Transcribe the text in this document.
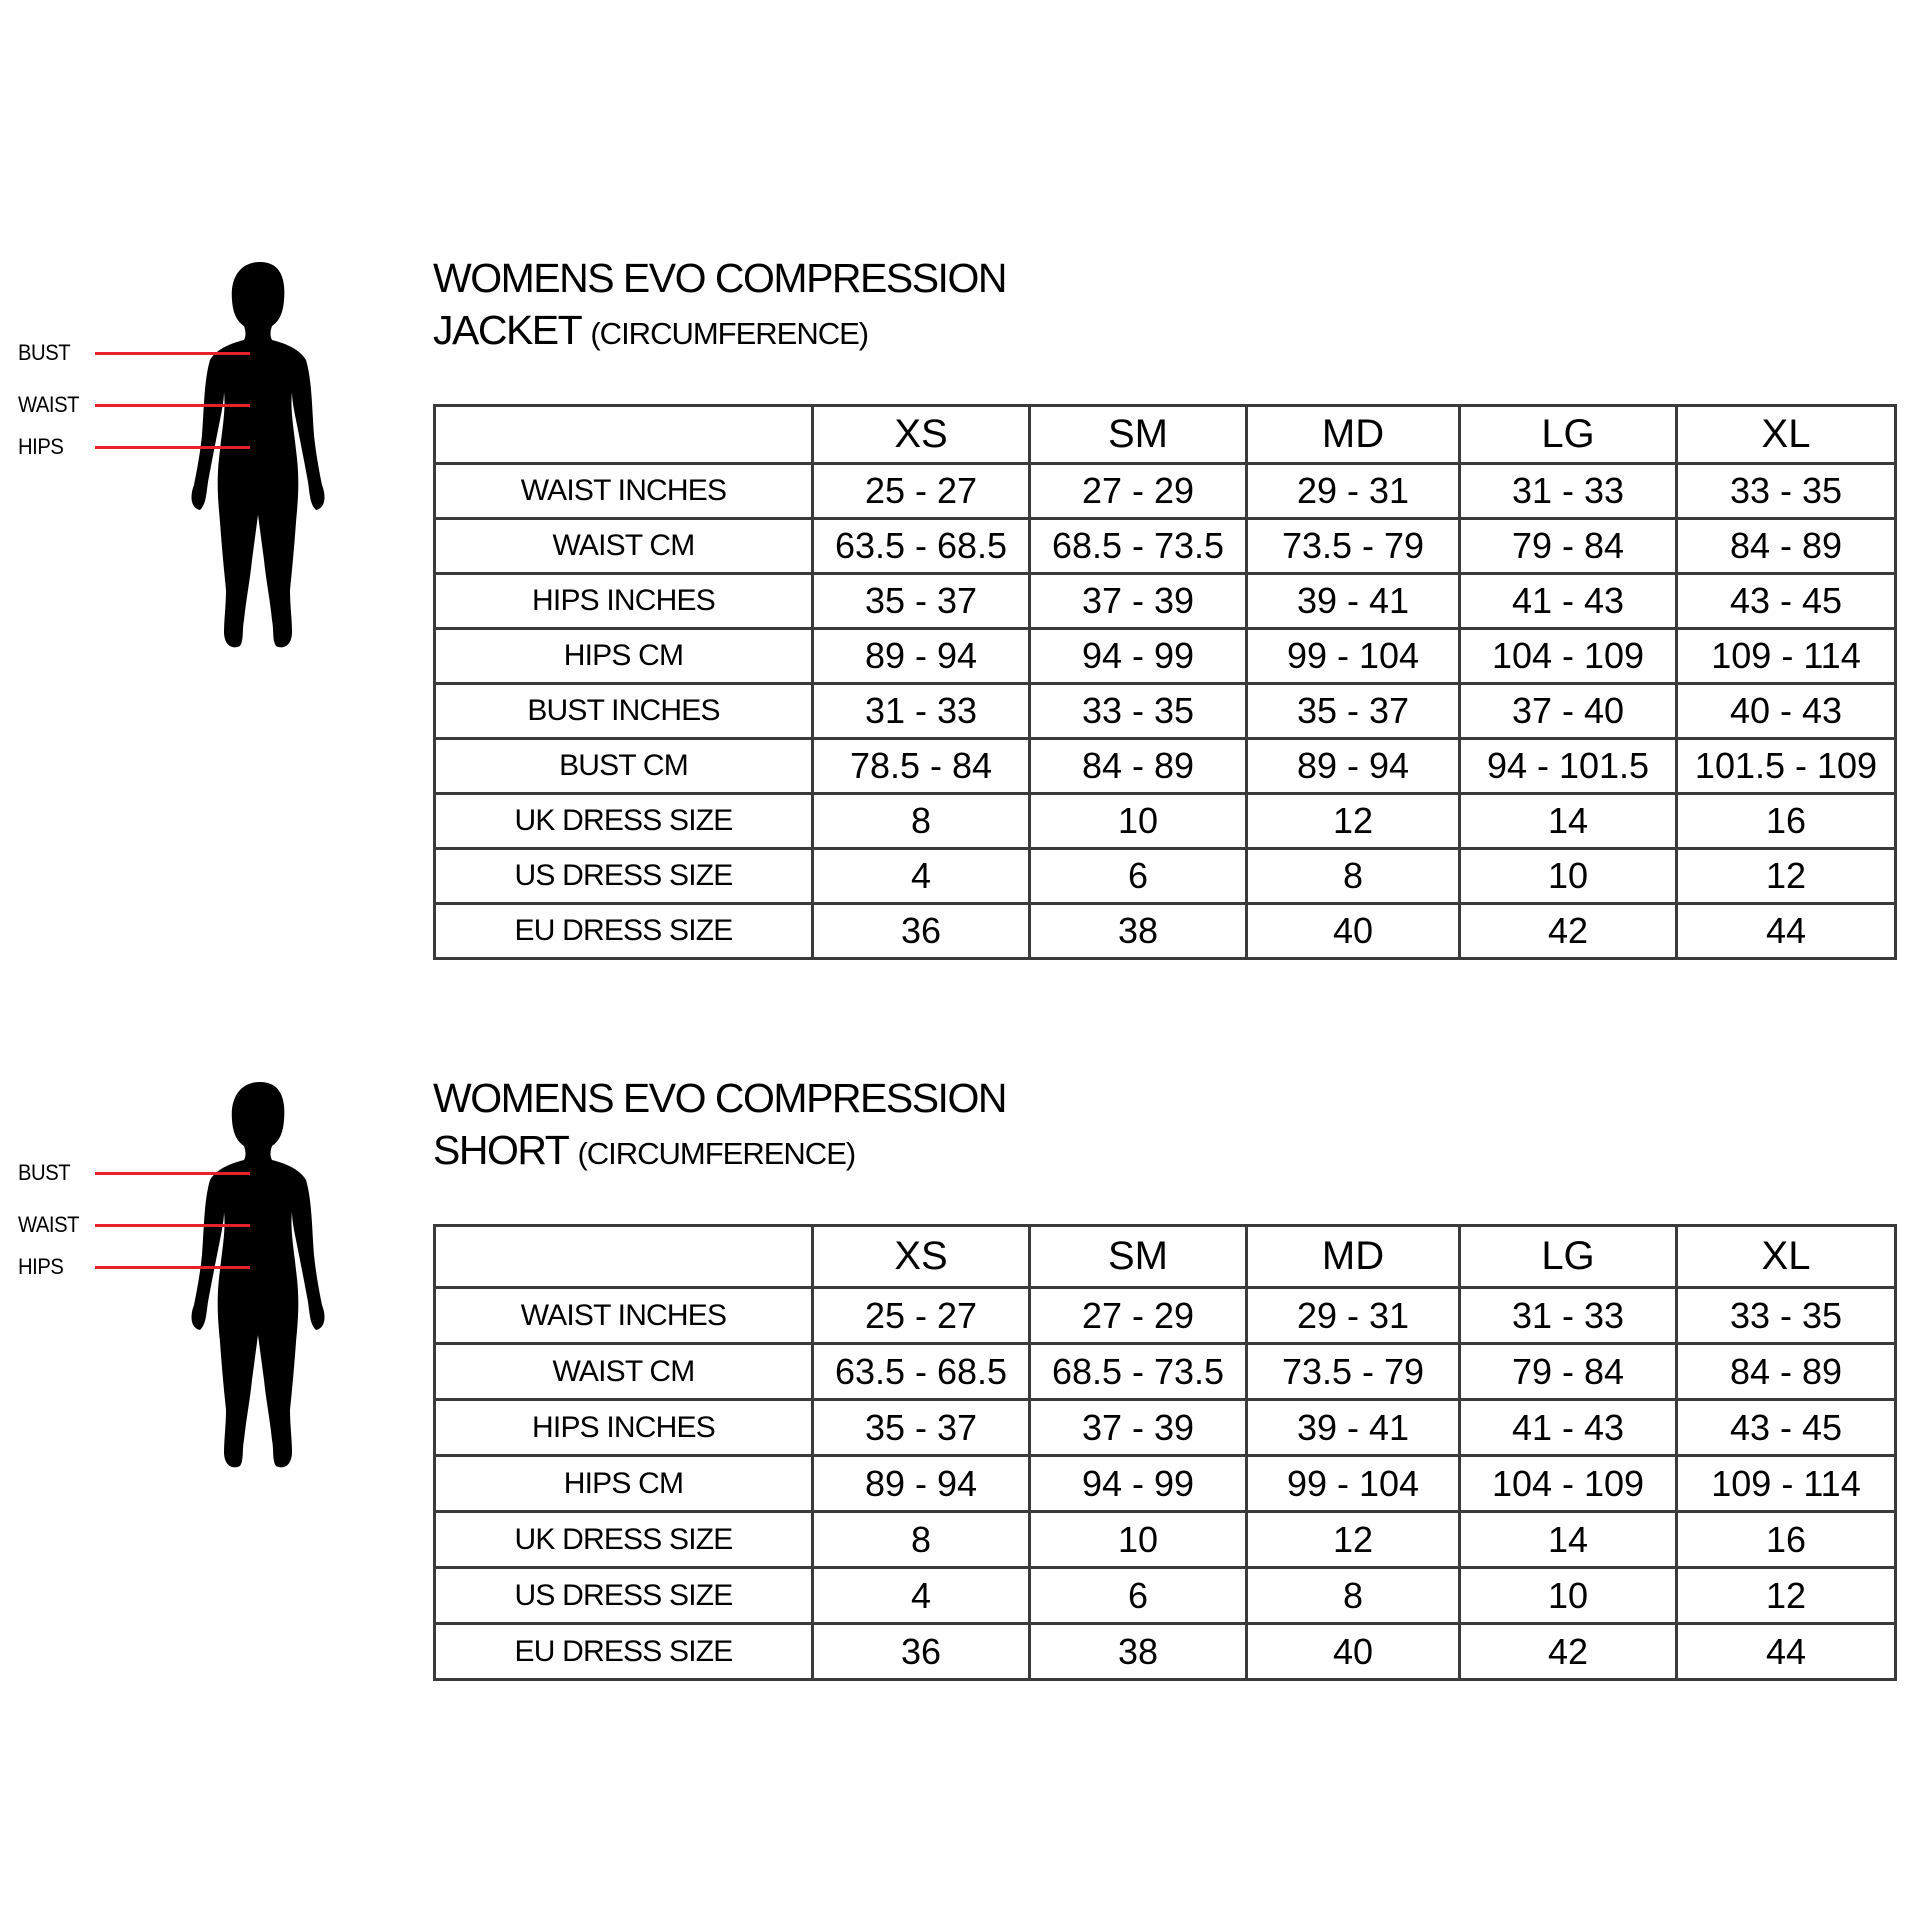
BUST
WAIST
HIPS
WOMENS EVO COMPRESSION
JACKET (CIRCUMFERENCE)
	XS	SM	MD	LG	XL
WAIST INCHES	25 - 27	27 - 29	29 - 31	31 - 33	33 - 35
WAIST CM	63.5 - 68.5	68.5 - 73.5	73.5 - 79	79 - 84	84 - 89
HIPS INCHES	35 - 37	37 - 39	39 - 41	41 - 43	43 - 45
HIPS CM	89 - 94	94 - 99	99 - 104	104 - 109	109 - 114
BUST INCHES	31 - 33	33 - 35	35 - 37	37 - 40	40 - 43
BUST CM	78.5 - 84	84 - 89	89 - 94	94 - 101.5	101.5 - 109
UK DRESS SIZE	8	10	12	14	16
US DRESS SIZE	4	6	8	10	12
EU DRESS SIZE	36	38	40	42	44
BUST
WAIST
HIPS
WOMENS EVO COMPRESSION
SHORT (CIRCUMFERENCE)
	XS	SM	MD	LG	XL
WAIST INCHES	25 - 27	27 - 29	29 - 31	31 - 33	33 - 35
WAIST CM	63.5 - 68.5	68.5 - 73.5	73.5 - 79	79 - 84	84 - 89
HIPS INCHES	35 - 37	37 - 39	39 - 41	41 - 43	43 - 45
HIPS CM	89 - 94	94 - 99	99 - 104	104 - 109	109 - 114
UK DRESS SIZE	8	10	12	14	16
US DRESS SIZE	4	6	8	10	12
EU DRESS SIZE	36	38	40	42	44
